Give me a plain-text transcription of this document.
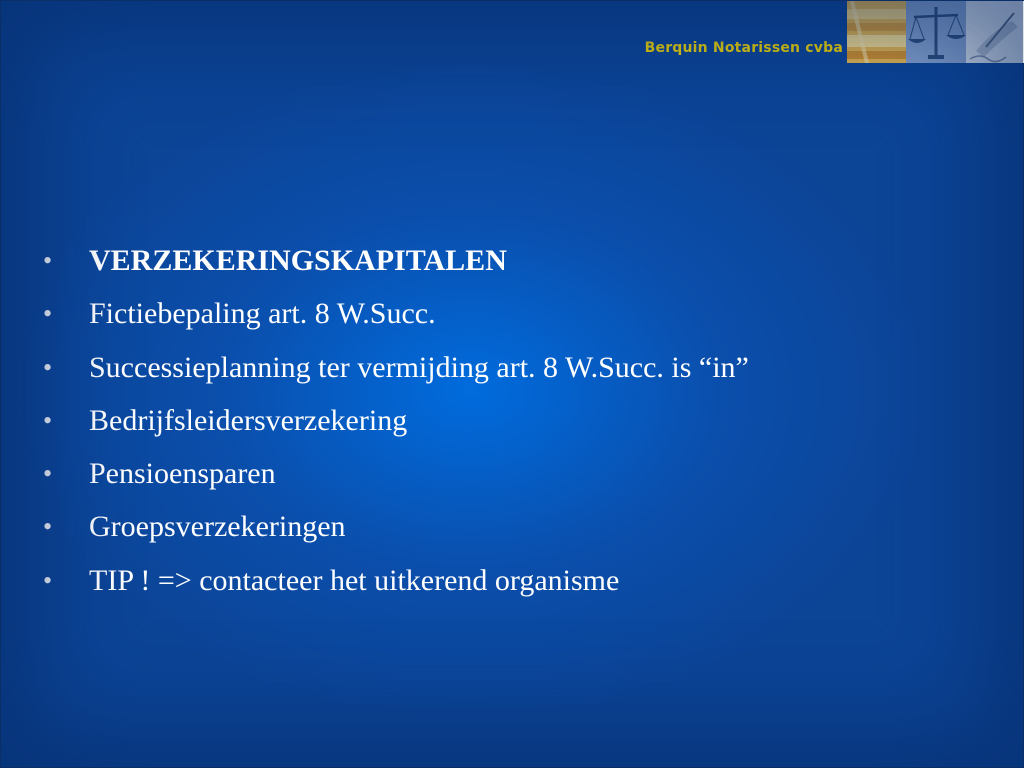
Berquin Notarissen cvba
• VERZEKERINGSKAPITALEN
• Fictiebepaling art. 8 W.Succ.
• Successieplanning ter vermijding art. 8 W.Succ. is “in”
• Bedrijfsleidersverzekering
• Pensioensparen
• Groepsverzekeringen
• TIP ! => contacteer het uitkerend organisme
